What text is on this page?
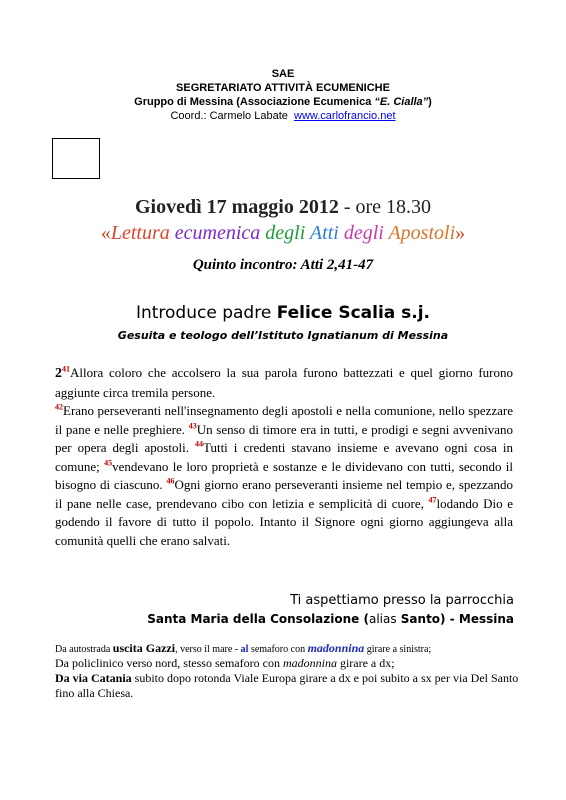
SAE
SEGRETARIATO ATTIVITÀ ECUMENICHE
Gruppo di Messina (Associazione Ecumenica “E. Cialla”)
Coord.: Carmelo Labate www.carlofrancio.net
Giovedì 17 maggio 2012 - ore 18.30
«Lettura ecumenica degli Atti degli Apostoli»
Quinto incontro: Atti 2,41-47
Introduce padre Felice Scalia s.j.
Gesuita e teologo dell’Istituto Ignatianum di Messina
$2^{41}Allora$ coloro che accolsero la sua parola furono battezzati e quel giorno furono aggiunte circa tremila persone.
$^{42}$Erano perseveranti nell'insegnamento degli apostoli e nella comunione, nello spezzare il pane e nelle preghiere. $^{43}$Un senso di timore era in tutti, e prodigi e segni avvenivano per opera degli apostoli. $^{44}$Tutti i credenti stavano insieme e avevano ogni cosa in comune; $^{45}$vendevano le loro proprietà e sostanze e le dividevano con tutti, secondo il bisogno di ciascuno. $^{46}$Ogni giorno erano perseveranti insieme nel tempio e, spezzando il pane nelle case, prendevano cibo con letizia e semplicità di cuore, $^{47}$lodando Dio e godendo il favore di tutto il popolo. Intanto il Signore ogni giorno aggiungeva alla comunità quelli che erano salvati.
Ti aspettiamo presso la parrocchia
Santa Maria della Consolazione (alias Santo) - Messina
Da autostrada uscita Gazzi, verso il mare - al semaforo con madonnina girare a sinistra;
Da policlinico verso nord, stesso semaforo con madonnina girare a dx;
Da via Catania subito dopo rotonda Viale Europa girare a dx e poi subito a sx per via Del Santo fino alla Chiesa.
